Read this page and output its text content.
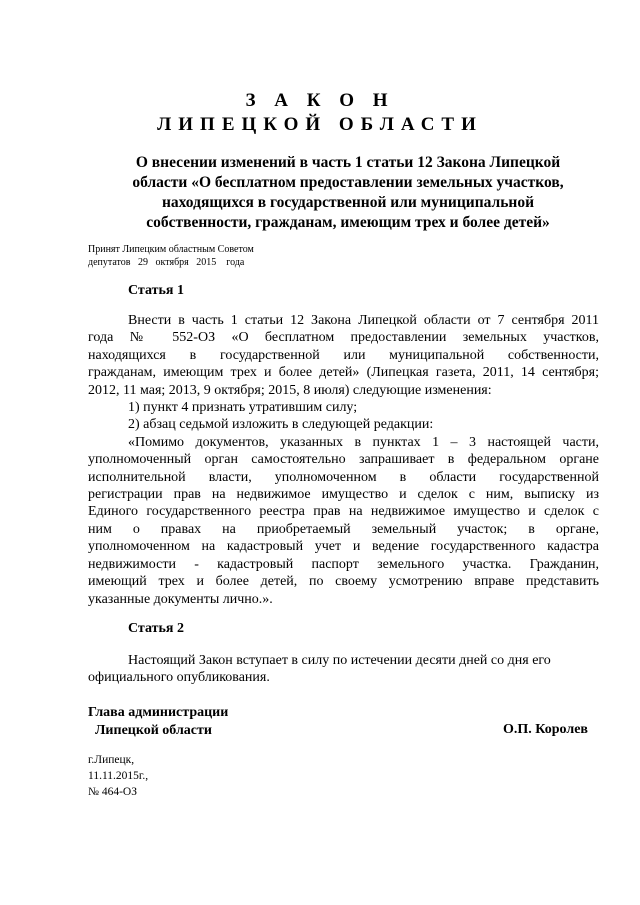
З А К О Н
ЛИПЕЦКОЙ ОБЛАСТИ
О внесении изменений в часть 1 статьи 12 Закона Липецкой
области «О бесплатном предоставлении земельных участков,
находящихся в государственной или муниципальной
собственности, гражданам, имеющим трех и более детей»
Принят Липецким областным Советом
депутатов   29   октября   2015    года
Статья 1
Внести в часть 1 статьи 12 Закона Липецкой области от 7 сентября 2011
года № 552-ОЗ «О бесплатном предоставлении земельных участков,
находящихся в государственной или муниципальной собственности,
гражданам, имеющим трех и более детей» (Липецкая газета, 2011, 14 сентября;
2012, 11 мая; 2013, 9 октября; 2015, 8 июля) следующие изменения:
1) пункт 4 признать утратившим силу;
2) абзац седьмой изложить в следующей редакции:
«Помимо документов, указанных в пунктах 1 – 3 настоящей части,
уполномоченный орган самостоятельно запрашивает в федеральном органе
исполнительной власти, уполномоченном в области государственной
регистрации прав на недвижимое имущество и сделок с ним, выписку из
Единого государственного реестра прав на недвижимое имущество и сделок с
ним о правах на приобретаемый земельный участок; в органе,
уполномоченном на кадастровый учет и ведение государственного кадастра
недвижимости - кадастровый паспорт земельного участка. Гражданин,
имеющий трех и более детей, по своему усмотрению вправе представить
указанные документы лично.».
Статья 2
Настоящий Закон вступает в силу по истечении десяти дней со дня его
официального опубликования.
Глава администрации
Липецкой области	О.П. Королев
г.Липецк,
11.11.2015г.,
№ 464-ОЗ
